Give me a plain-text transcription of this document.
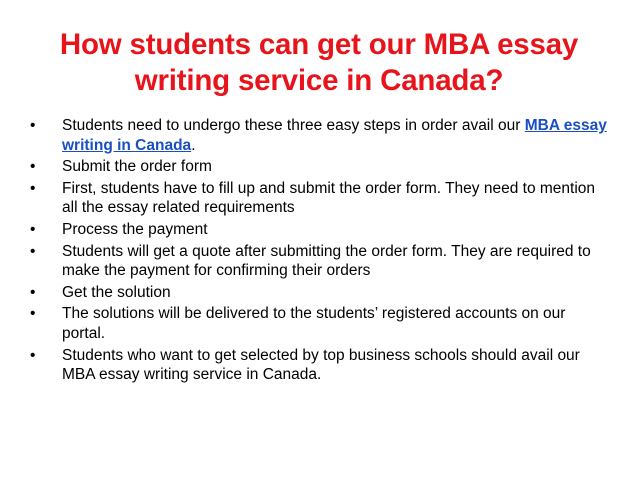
How students can get our MBA essay writing service in Canada?
•	Students need to undergo these three easy steps in order avail our MBA essay writing in Canada.
•	Submit the order form
•	First, students have to fill up and submit the order form. They need to mention all the essay related requirements
•	Process the payment
•	Students will get a quote after submitting the order form. They are required to make the payment for confirming their orders
•	Get the solution
•	The solutions will be delivered to the students’ registered accounts on our portal.
•	Students who want to get selected by top business schools should avail our MBA essay writing service in Canada.
